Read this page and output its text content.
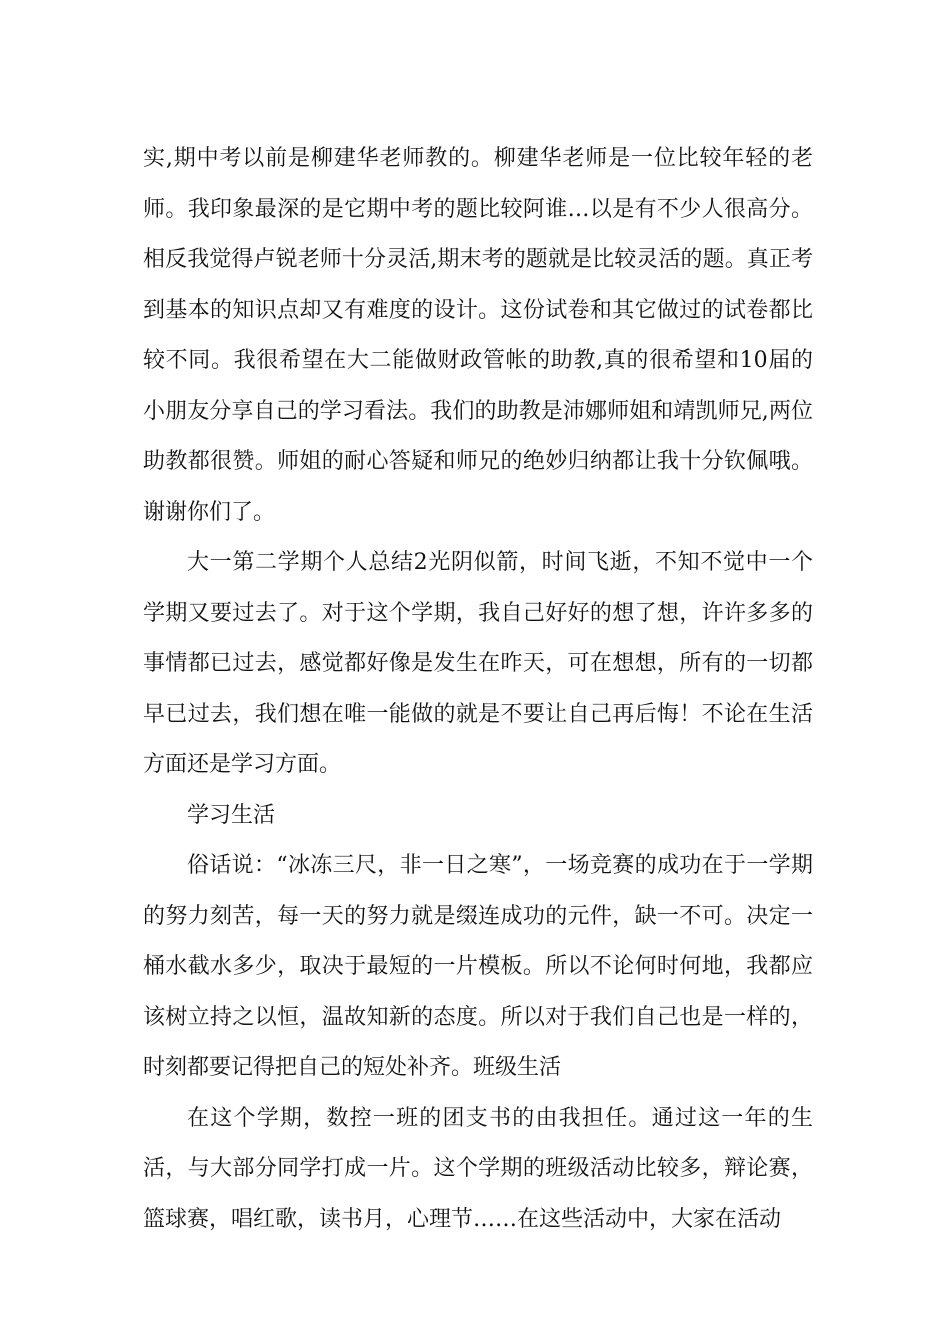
实,期中考以前是柳建华老师教的。柳建华老师是一位比较年轻的老师。我印象最深的是它期中考的题比较阿谁…以是有不少人很高分。相反我觉得卢锐老师十分灵活,期末考的题就是比较灵活的题。真正考到基本的知识点却又有难度的设计。这份试卷和其它做过的试卷都比较不同。我很希望在大二能做财政管帐的助教,真的很希望和10届的小朋友分享自己的学习看法。我们的助教是沛娜师姐和靖凯师兄,两位助教都很赞。师姐的耐心答疑和师兄的绝妙归纳都让我十分钦佩哦。谢谢你们了。

大一第二学期个人总结2光阴似箭，时间飞逝，不知不觉中一个学期又要过去了。对于这个学期，我自己好好的想了想，许许多多的事情都已过去，感觉都好像是发生在昨天，可在想想，所有的一切都早已过去，我们想在唯一能做的就是不要让自己再后悔！不论在生活方面还是学习方面。

学习生活

俗话说：“冰冻三尺，非一日之寒”，一场竞赛的成功在于一学期的努力刻苦，每一天的努力就是缀连成功的元件，缺一不可。决定一桶水截水多少，取决于最短的一片模板。所以不论何时何地，我都应该树立持之以恒，温故知新的态度。所以对于我们自己也是一样的，时刻都要记得把自己的短处补齐。班级生活

在这个学期，数控一班的团支书的由我担任。通过这一年的生活，与大部分同学打成一片。这个学期的班级活动比较多，辩论赛，篮球赛，唱红歌，读书月，心理节……在这些活动中，大家在活动
